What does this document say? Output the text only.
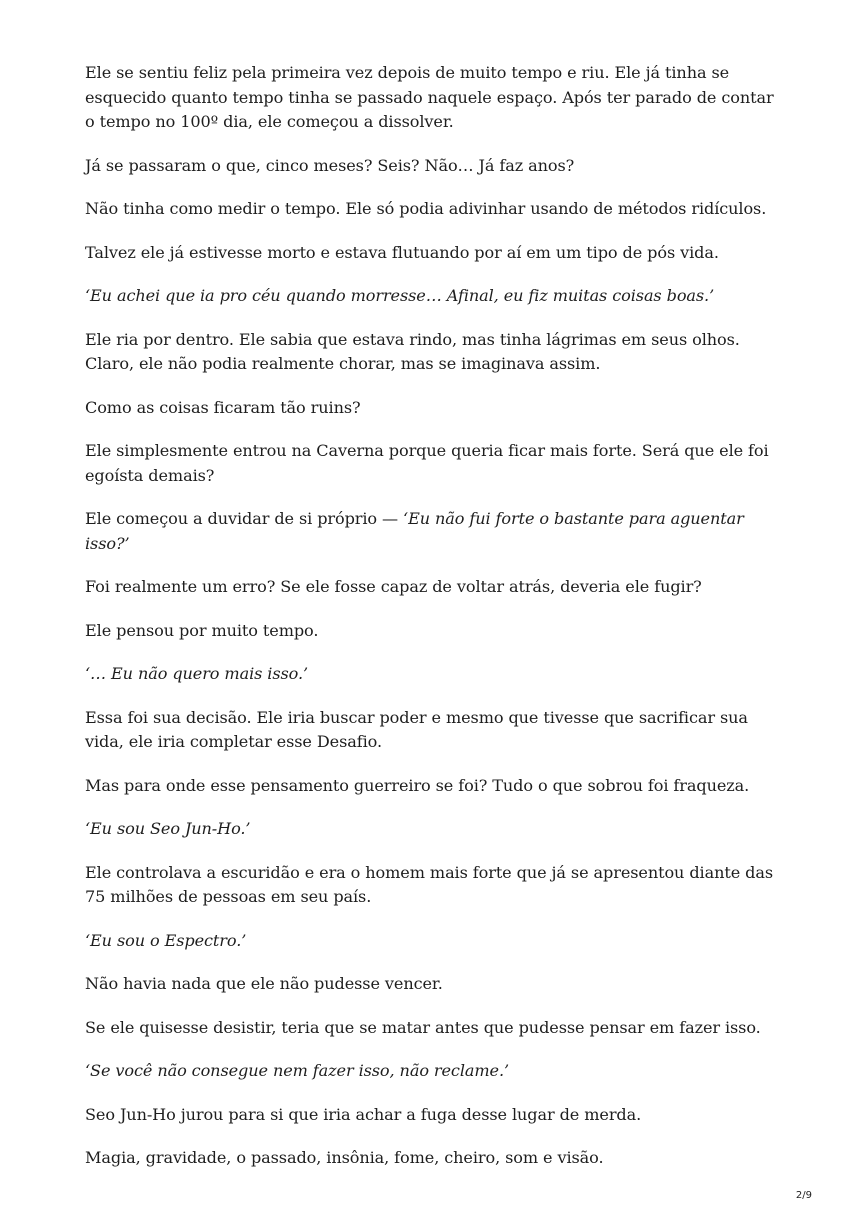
Ele se sentiu feliz pela primeira vez depois de muito tempo e riu. Ele já tinha se esquecido quanto tempo tinha se passado naquele espaço. Após ter parado de contar o tempo no 100º dia, ele começou a dissolver.

Já se passaram o que, cinco meses? Seis? Não… Já faz anos?

Não tinha como medir o tempo. Ele só podia adivinhar usando de métodos ridículos.

Talvez ele já estivesse morto e estava flutuando por aí em um tipo de pós vida.

‘Eu achei que ia pro céu quando morresse… Afinal, eu fiz muitas coisas boas.’

Ele ria por dentro. Ele sabia que estava rindo, mas tinha lágrimas em seus olhos. Claro, ele não podia realmente chorar, mas se imaginava assim.

Como as coisas ficaram tão ruins?

Ele simplesmente entrou na Caverna porque queria ficar mais forte. Será que ele foi egoísta demais?

Ele começou a duvidar de si próprio — ‘Eu não fui forte o bastante para aguentar isso?’

Foi realmente um erro? Se ele fosse capaz de voltar atrás, deveria ele fugir?

Ele pensou por muito tempo.

‘… Eu não quero mais isso.’

Essa foi sua decisão. Ele iria buscar poder e mesmo que tivesse que sacrificar sua vida, ele iria completar esse Desafio.

Mas para onde esse pensamento guerreiro se foi? Tudo o que sobrou foi fraqueza.

‘Eu sou Seo Jun-Ho.’

Ele controlava a escuridão e era o homem mais forte que já se apresentou diante das 75 milhões de pessoas em seu país.

‘Eu sou o Espectro.’

Não havia nada que ele não pudesse vencer.

Se ele quisesse desistir, teria que se matar antes que pudesse pensar em fazer isso.

‘Se você não consegue nem fazer isso, não reclame.’

Seo Jun-Ho jurou para si que iria achar a fuga desse lugar de merda.

Magia, gravidade, o passado, insônia, fome, cheiro, som e visão.

2/9
